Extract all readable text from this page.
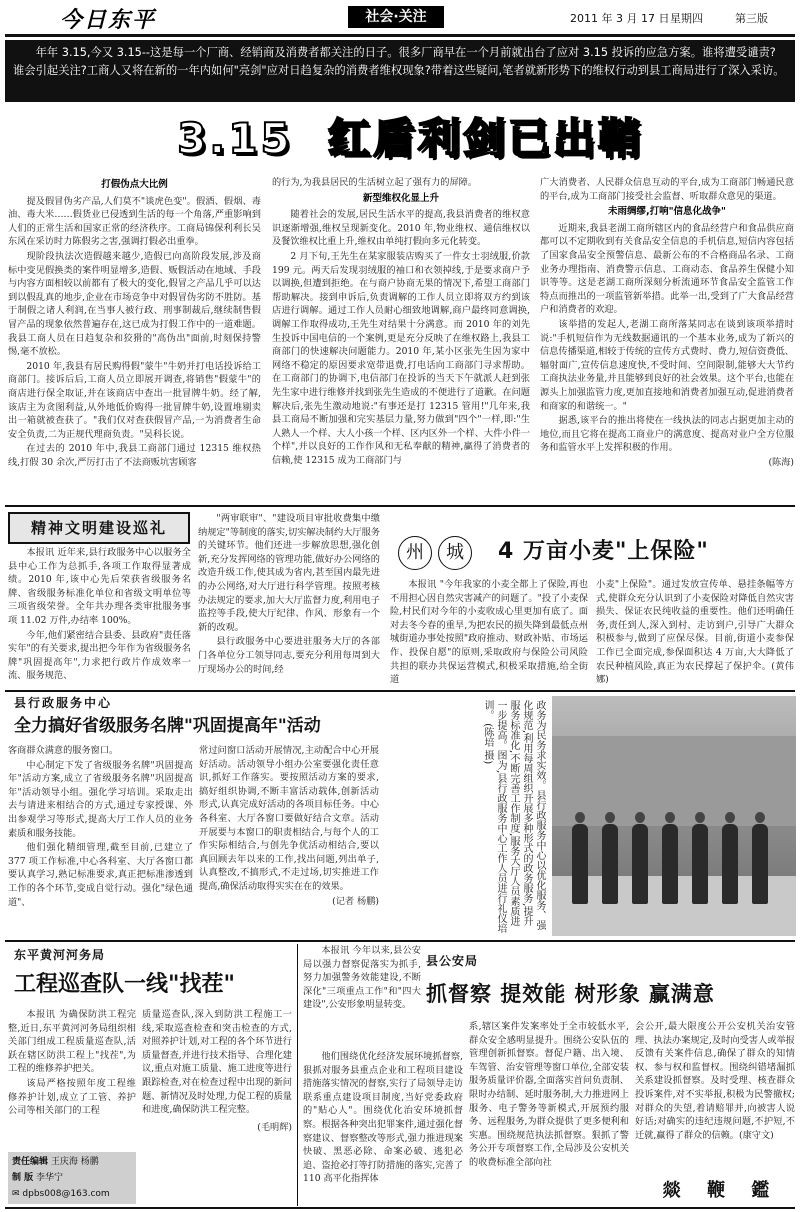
今日东平	社会·关注	2011 年 3 月 17 日 星期四	第三版
年年 3.15,今又 3.15--这是每一个厂商、经销商及消费者都关注的日子。很多厂商早在一个月前就出台了应对 3.15 投诉的应急方案。谁将遭受谴责?谁会引起关注?工商人又将在新的一年内如何"亮剑"应对日趋复杂的消费者维权现象?带着这些疑问,笔者就新形势下的维权行动到县工商局进行了深入采访。
3.15  红盾利剑已出鞘
打假伪点大比例

提及假冒伪劣产品,人们莫不"谈虎色变"。假酒、假烟、毒油、毒大米……假货业已侵透到生活的每一个角落,严重影响到人们的正常生活和国家正常的经济秩序。工商局锦保利利长吴东风在采访时力陈假劣之害,强调打假必出重拳。

现阶段执法次造假越来越少,造假已向高阶段发展,涉及商标中变见假换类的案件明显增多,造假、贩假活动在地域、手段与内容方面相较以前都有了极大的变化,假冒之产品几乎可以达到以假乱真的地步,企业在市场竞争中对假冒伪劣防不胜防。基于制假之诸人利润,在当事人被行政、刑事制裁后,继续制售假冒产品的现象依然普遍存在,这已成为打假工作中的一道难题。我县工商人员在日趋复杂和狡猾的"高伪出"面前,时刻保持警惕,毫不放松。

2010 年,我县有居民购得假"蒙牛"牛奶并打电话投诉给工商部门。接诉后后,工商人员立即展开调查,将销售"假蒙牛"的商店进行保全取证,并在该商店中查出一批冒牌牛奶。经了解,该店主为贪图利益,从外地低价购得一批冒牌牛奶,设置堆剔卖出一箱就被查获了。"我们仅对查获假冒产品,一为消费者生命安全负责,二为正规代理商负责。"吴科长说。

在过去的 2010 年中,我县工商部门通过 12315 维权热线,打假 30 余次,严厉打击了不法商贩坑害顾客

的行为,为我县居民的生活树立起了强有力的屏障。

新型维权化显上升

随着社会的发展,居民生活水平的提高,我县消费者的维权意识逐渐增强,维权呈现新变化。2010 年,物业维权、通信维权以及餐饮维权比重上升,维权由单纯打假向多元化转变。

2 月下旬,王先生在某家服装店购买了一件女士羽绒服,价款 199 元。两天后发现羽绒服的袖口和衣领掉线,于是要求商户予以调换,但遭到拒绝。在与商户协商无果的情况下,希望工商部门帮助解决。接到申诉后,负责调解的工作人员立即将双方约到该店进行调解。通过工作人员耐心细致地调解,商户最终同意调换,调解工作取得成功,王先生对结果十分满意。而 2010 年的刘先生投诉中国电信的一个案例,更是充分反映了在维权路上,我县工商部门的快速解决问题能力。2010 年,某小区张先生因为家中网络不稳定的原因要求宽带退费,打电话向工商部门寻求帮助。在工商部门的协调下,电信部门在投诉的当天下午就派人赶到张先生家中进行维修并找到张先生造成的不便进行了道歉。在问题解决后,张先生激动地说:"有事还是打 12315 管用!"几年来,我县工商局不断加强和完实基层力量,努力做到"四个"一样,即:"生人熟人一个样、大人小孩一个样、区内区外一个样、大件小件一个样",并以良好的工作作风和无私奉献的精神,赢得了消费者的信赖,使 12315 成为工商部门与

广大消费者、人民群众信息互动的平台,成为工商部门畅通民意的平台,成为工商部门接受社会监督、听取群众意见的渠道。

未雨绸缪,打响"信息化战争"

近期来,我县老湖工商所辖区内的食品经营户和食品供应商都可以不定期收到有关食品安全信息的手机信息,短信内容包括了国家食品安全预警信息、最新公布的不合格商品名录、工商业务办理指南、消费警示信息、工商动态、食品养生保健小知识等等。这是老湖工商所深刻分析流通环节食品安全监管工作特点而推出的一项监管新举措。此举一出,受到了广大食品经营户和消费者的欢迎。

该举措的发起人,老湖工商所落某同志在谈到该项举措时说:"手机短信作为无线数据通讯的一个基本业务,成为了新兴的信息传播渠道,相较于传统的宣传方式费时、费力,短信资费低、辐射面广,宣传信息速度快,不受时间、空间限制,能够大大节约工商执法业务量,并且能够到良好的社会效果。这个平台,也能在源头上加强监管力度,更加直接地和消费者加强互动,促进消费者和商家的和谐统一。"

据悉,该平台的推出将使在一线执法的同志占据更加主动的地位,而且它将在提高工商业户的满意度、提高对业户全方位服务和监管水平上发挥积极的作用。

(陈海)
精神文明建设巡礼

本报讯 近年来,县行政服务中心以服务全县中心工作为总抓手,各项工作取得显著成绩。2010 年,该中心先后荣获省级服务名牌、省级服务标准化单位和省级文明单位等三项省级荣誉。全年共办理各类审批服务事项 11.02 万件,办结率 100%。

今年,他们紧密结合县委、县政府"责任落实年"的有关要求,提出把今年作为省级服务名牌"巩固提高年",力求把行政片作成效率一流、服务规范、

"两审联审"、"建设项目审批收费集中缴纳规定"等制度的落实,切实解决制约大厅服务的关键环节。他们还进一步解放思想,强化创新,充分发挥网络的管理功能,做好办公网络的改造升级工作,使其成为省内,甚至国内最先进的办公网络,对大厅进行科学管理。按照考核办法规定的要求,加大大厅监督力度,利用电子监控等手段,使大厅纪律、作风、形象有一个新的改观。

县行政服务中心要进驻服务大厅的各部门各单位分工领导同志,要充分利用每周到大厅现场办公的时间,经

州	城	4 万亩小麦"上保险"

本报讯 "今年我家的小麦全都上了保险,再也不用担心因自然灾害减产的问题了。"投了小麦保险,村民们对今年的小麦收成心里更加有底了。面对去冬今春的重旱,为把农民的损失降到最低点州城街道办事处按照"政府推动、财政补贴、市场运作、投保自愿"的原则,采取政府与保险公司风险共担的联办共保运营模式,积极采取措施,给全街道

小麦"上保险"。通过发放宣传单、悬挂条幅等方式,使群众充分认识到了小麦保险对降低自然灾害损失、保证农民纯收益的重要性。他们还明确任务,责任到人,深入到村、走访到户,引导广大群众积极参与,做到了应保尽保。目前,街道小麦参保工作已全面完成,参保面积达 4 万亩,大大降低了农民种植风险,真正为农民撑起了保护伞。(黄伟娜)

县行政服务中心
全力搞好省级服务名牌"巩固提高年"活动

客商群众满意的服务窗口。

中心制定下发了省级服务名牌"巩固提高年"活动方案,成立了省级服务名牌"巩固提高年"活动领导小组。强化学习培训。采取走出去与请进来相结合的方式,通过专家授课、外出参观学习等形式,提高大厅工作人员的业务素质和服务技能。

他们强化精细管理,截至目前,已建立了 377 项工作标准,中心各科室、大厅各窗口都要认真学习,熟记标准要求,真正把标准渗透到工作的各个环节,变成自觉行动。强化"绿色通道"、

常过问窗口活动开展情况,主动配合中心开展好活动。活动领导小组办公室要强化责任意识,抓好工作落实。要按照活动方案的要求,搞好组织协调,不断丰富活动载体,创新活动形式,认真完成好活动的各项目标任务。中心各科室、大厅各窗口要做好结合文章。活动开展要与本窗口的职责相结合,与每个人的工作实际相结合,与创先争优活动相结合,要以真回顾去年以来的工作,找出问题,列出单子,认真整改,不搞形式,不走过场,切实推进工作提高,确保活动取得实实在在的效果。

(记者 杨鹏)	政务为民务求实效。县行政服务中心以优化服务、强化规范,利用每周组织开展多种形式的政务服务,提升服务标准化,不断完善工作制度,服务大厅人员素质进一步提高。图为,县行政服务中心工作人员进行礼仪培训。 (陈培 摄)
东平黄河河务局
工程巡查队一线"找茬"

本报讯 为确保防洪工程完整,近日,东平黄河河务局组织相关部门组成工程质量巡查队,活跃在辖区防洪工程上"找茬",为工程的维修养护把关。

该局严格按照年度工程维修养护计划,成立了工管、养护公司等相关部门的工程

质量巡查队,深入到防洪工程施工一线,采取巡查检查和突击检查的方式,对照养护计划,对工程的各个环节进行质量督查,并进行技术指导、合理化建议,重点对施工质量、施工进度等进行跟踪检查,对在检查过程中出现的新问题、新情况及时处理,力促工程的质量和进度,确保防洪工程完整。

(毛明辉)
责任编辑 王庆海 杨鹏
制 版 李华宁
✉ dpbs008@163.com

本报讯 今年以来,县公安局以强力督察促落实为抓手,努力加强警务效能建设,不断深化"三项重点工作"和"四大建设",公安形象明显转变。

县公安局
抓督察 提效能 树形象 赢满意

他们围绕优化经济发展环境抓督察,狠抓对服务县重点企业和工程项目建设措施落实情况的督察,实行了局领导走访联系重点建设项目制度,当好党委政府的"贴心人"。围绕优化治安环境抓督察。根据各种突出犯罪案件,通过强化督察建议、督察整改等形式,强力推进现案快破、黑恶必除、命案必破、逃犯必追、盗抢必打等打防措施的落实,完善了 110 高平化指挥体

系,辖区案件发案率处于全市较低水平,群众安全感明显提升。围绕公安队伍的管理创新抓督察。督促户籍、出入境、车驾管、治安管理等窗口单位,全部安装服务质量评价器,全面落实首问负责制、限时办结制、延时服务制,大力推进网上服务、电子警务等新模式,开展预约服务、远程服务,为群众提供了更多便利和实惠。围绕规范执法抓督察。狠抓了警务公开专项督察工作,全局涉及公安机关的收费标准全部向社

会公开,最大限度公开公安机关治安管理、执法办案规定,及时向受害人或举报反馈有关案件信息,确保了群众的知情权、参与权和监督权。围绕纠错堵漏抓关系建设抓督察。及时受理、核查群众投诉案件,对不实举报,积极为民警撤权;对群众的失望,着请赔罪并,向被害人说好话;对确实的违纪违规问题,不护短,不迁就,赢得了群众的信赖。(康守文)

燚 鞭 鑑
